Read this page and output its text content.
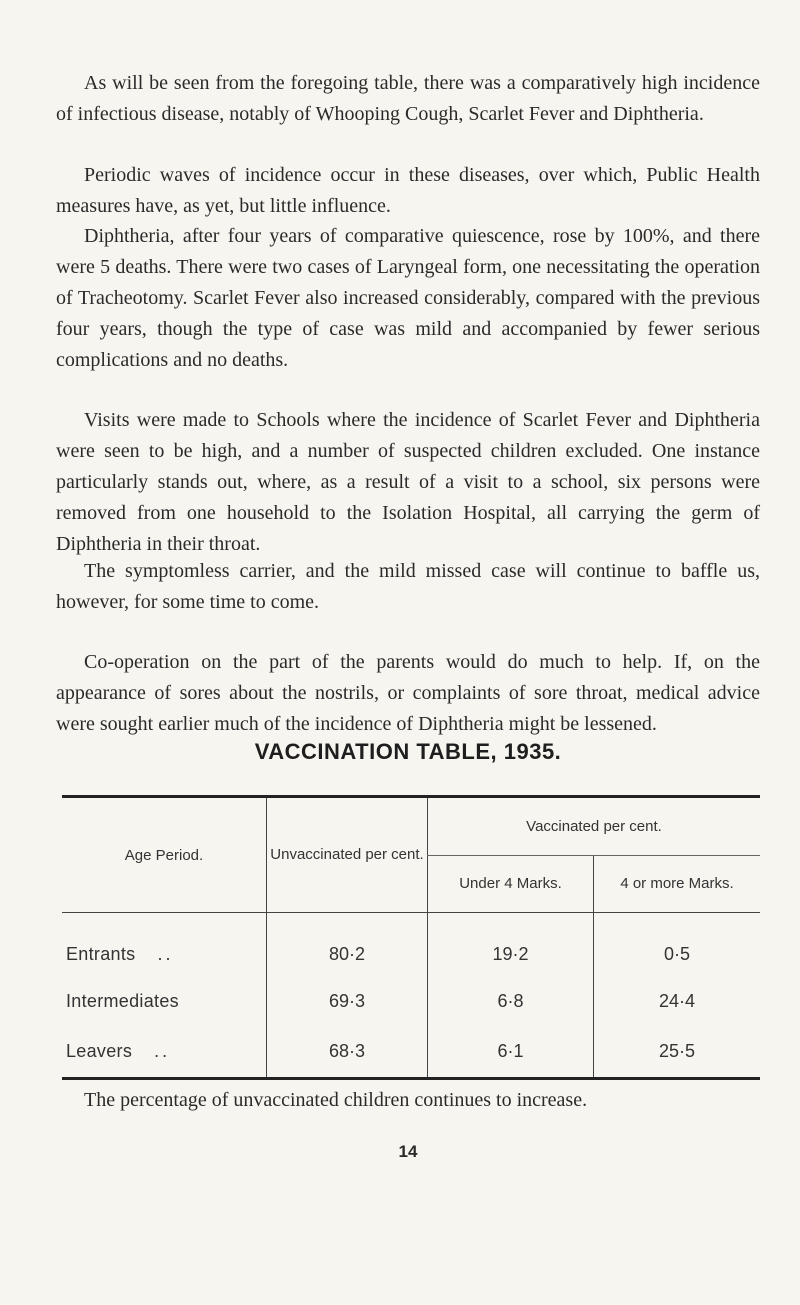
As will be seen from the foregoing table, there was a comparatively high incidence of infectious disease, notably of Whooping Cough, Scarlet Fever and Diphtheria.

Periodic waves of incidence occur in these diseases, over which, Public Health measures have, as yet, but little influence.

Diphtheria, after four years of comparative quiescence, rose by 100%, and there were 5 deaths. There were two cases of Laryngeal form, one necessitating the operation of Tracheotomy. Scarlet Fever also increased considerably, compared with the previous four years, though the type of case was mild and accompanied by fewer serious complications and no deaths.

Visits were made to Schools where the incidence of Scarlet Fever and Diphtheria were seen to be high, and a number of suspected children excluded. One instance particularly stands out, where, as a result of a visit to a school, six persons were removed from one household to the Isolation Hospital, all carrying the germ of Diphtheria in their throat.

The symptomless carrier, and the mild missed case will continue to baffle us, however, for some time to come.

Co-operation on the part of the parents would do much to help. If, on the appearance of sores about the nostrils, or complaints of sore throat, medical advice were sought earlier much of the incidence of Diphtheria might be lessened.

VACCINATION TABLE, 1935.
Age Period.	Unvaccinated per cent.	Vaccinated per cent.	
		Under 4 Marks.	4 or more Marks.
Entrants ..	80·2	19·2	0·5
Intermediates	69·3	6·8	24·4
Leavers ..	68·3	6·1	25·5

The percentage of unvaccinated children continues to increase.

14
